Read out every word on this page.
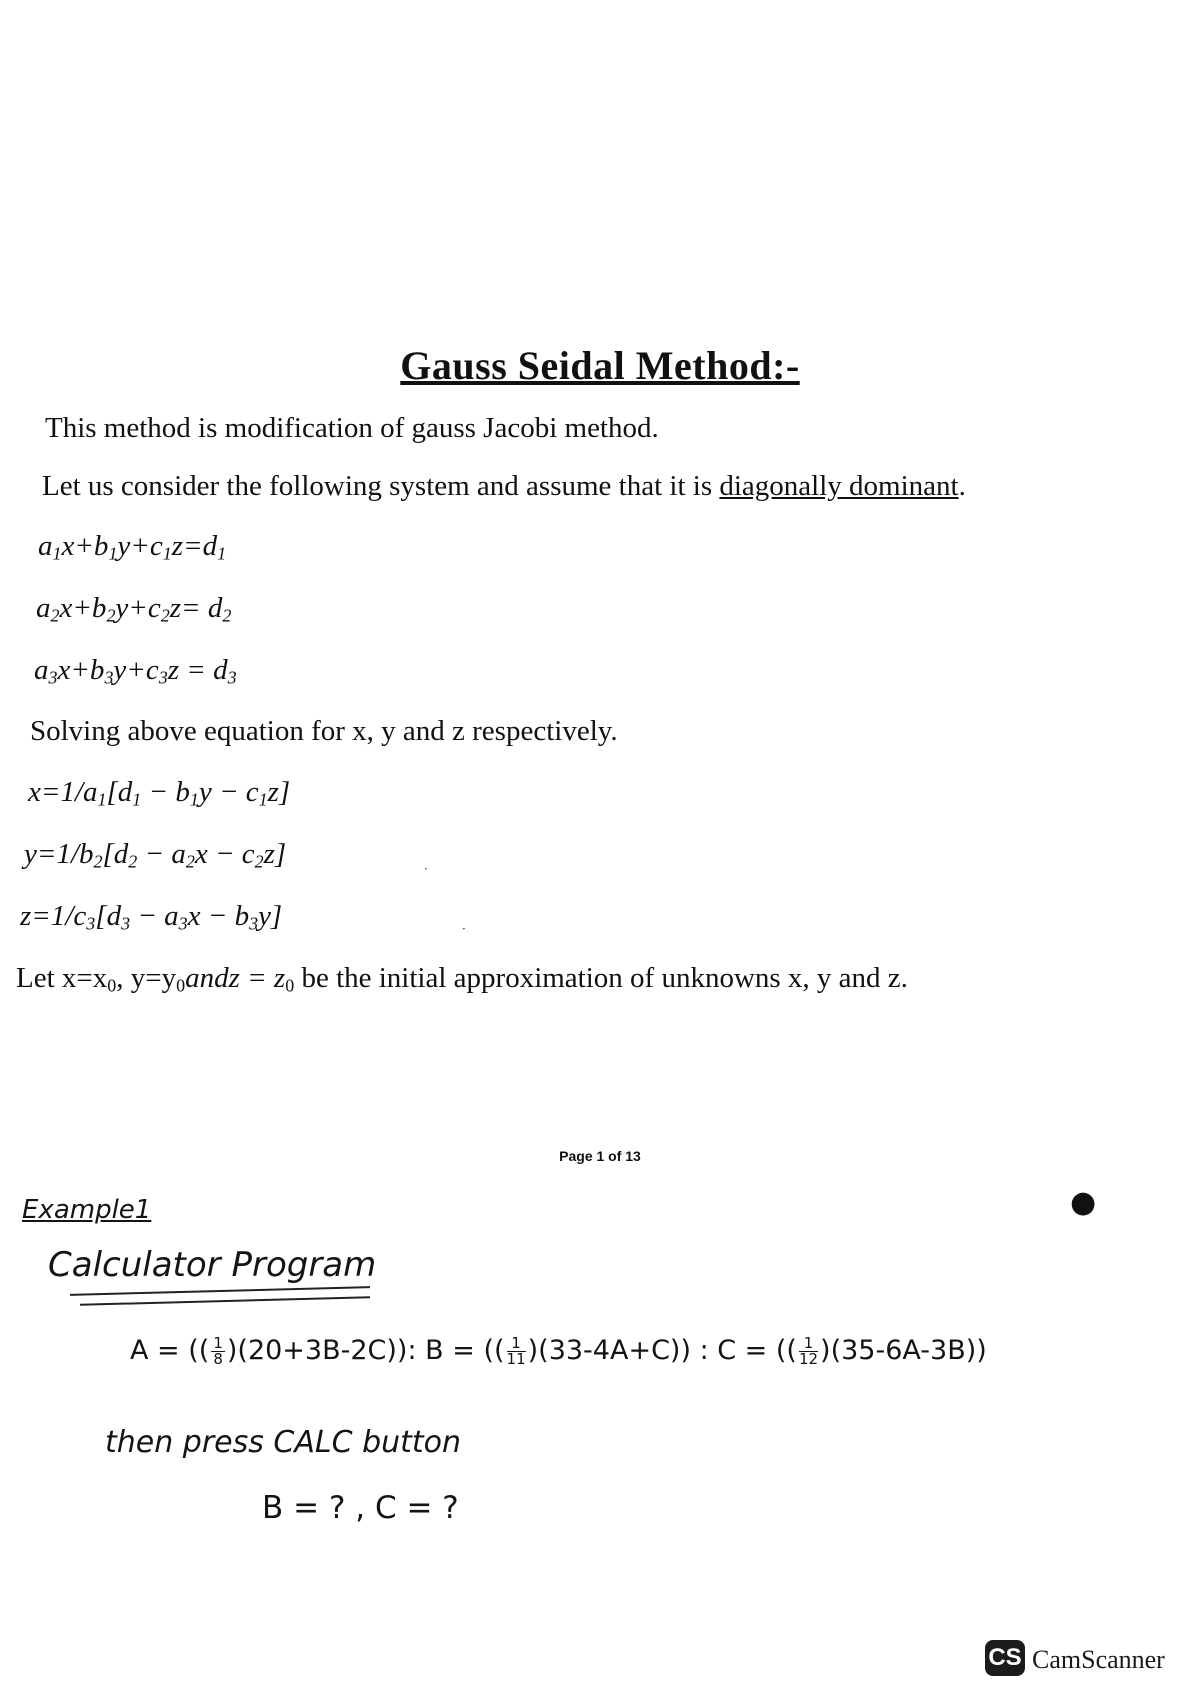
Gauss Seidal Method:-
This method is modification of gauss Jacobi method.
Let us consider the following system and assume that it is diagonally dominant.
$a_1x+b_1y+c_1z=d_1$
$a_2x+b_2y+c_2z= d_2$
$a_3x+b_3y+c_3z = d_3$
Solving above equation for x, y and z respectively.
$x=1/a_1[d_1 - b_1y - c_1z]$
$y=1/b_2[d_2 - a_2x - c_2z]$
$z=1/c_3[d_3 - a_3x - b_3y]$
·
·
Let $x=x_0$, $y=y_0andz = z_0$ be the initial approximation of unknowns x, y and z.
Page 1 of 13
Example1
Calculator Program
A = (( $\frac{1}{8} )(20+3B-2C)$): B = (( $\frac{1}{11} )(33-4A+C)$) : C = (( $\frac{1}{12} )(35-6A-3B)$)
then press CALC button
B = ? , C = ?
●
CS CamScanner
